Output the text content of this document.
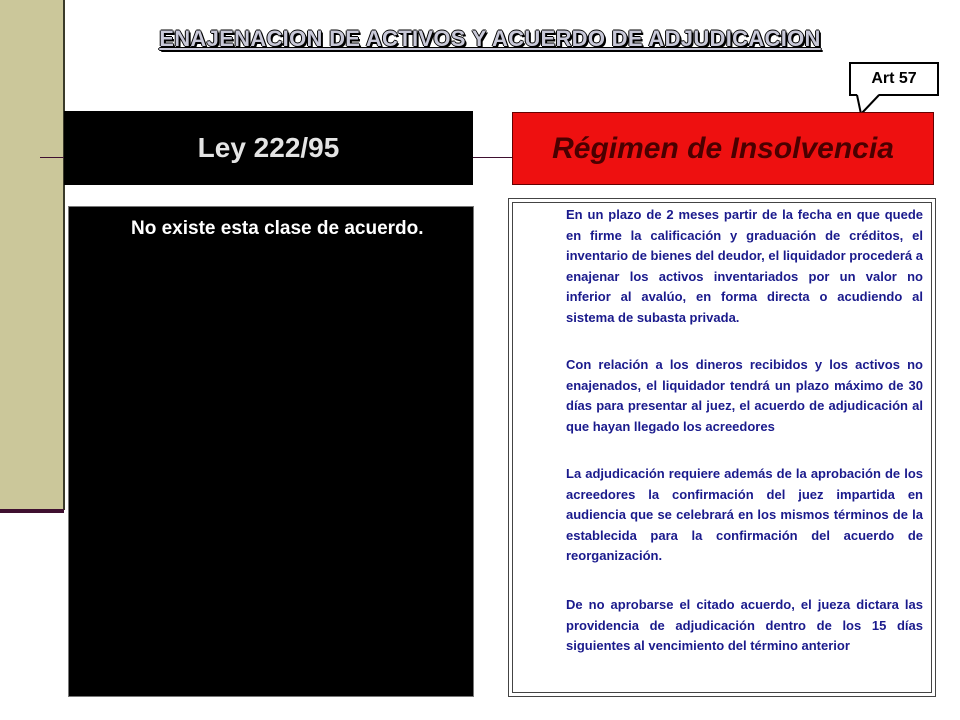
ENAJENACION DE ACTIVOS Y ACUERDO DE ADJUDICACION
Art 57
Ley 222/95	Régimen de Insolvencia
No existe esta clase de acuerdo.
En un plazo de 2 meses partir de la fecha en que quede en firme la calificación y graduación de créditos, el inventario de bienes del deudor, el liquidador procederá a enajenar los activos inventariados por un valor no inferior al avalúo, en forma directa o acudiendo al sistema de subasta privada.
Con relación a los dineros recibidos y los activos no enajenados, el liquidador tendrá un plazo máximo de 30 días para presentar al juez, el acuerdo de adjudicación al que hayan llegado los acreedores
La adjudicación requiere además de la aprobación de los acreedores la confirmación del juez impartida en audiencia que se celebrará en los mismos términos de la establecida para la confirmación del acuerdo de reorganización.
De no aprobarse el citado acuerdo, el jueza dictara las providencia de adjudicación dentro de los 15 días siguientes al vencimiento del término anterior
